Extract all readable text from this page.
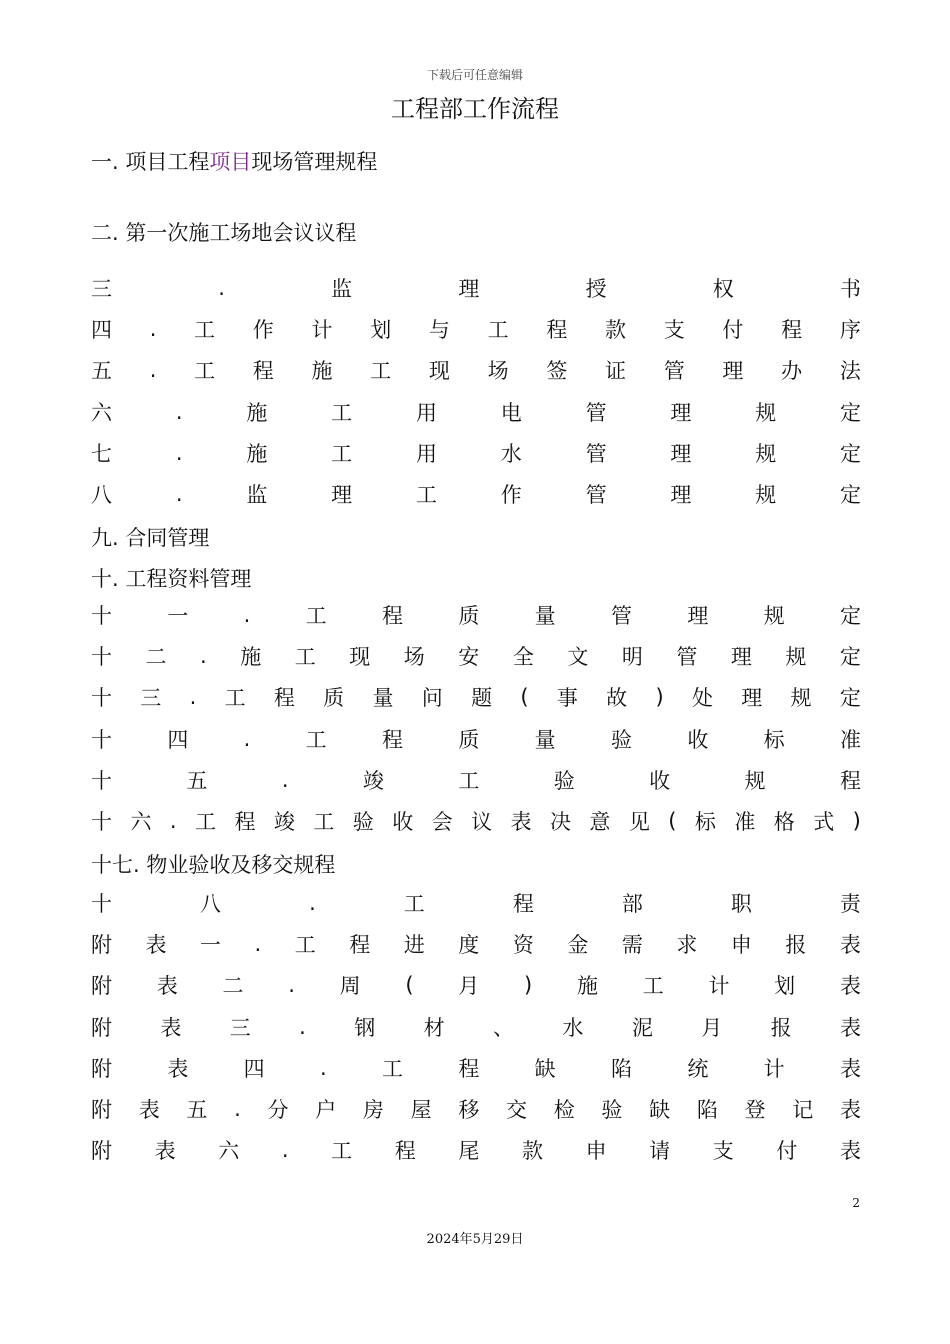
下载后可任意编辑
工程部工作流程
一. 项目工程项目现场管理规程
二. 第一次施工场地会议议程
三	.	监	理	授	权	书
四 . 工 作 计 划 与 工 程 款 支 付 程 序
五 . 工 程 施 工 现 场 签 证 管 理 办 法
六	.	施	工	用	电	管	理	规	定
七	.	施	工	用	水	管	理	规	定
八	.	监	理	工	作	管	理	规	定
九. 合同管理
十. 工程资料管理
十	一	.	工	程	质	量	管	理	规	定
十 二 . 施 工 现 场 安 全 文 明 管 理 规 定
十 三 . 工 程 质 量 问 题 ( 事 故 ) 处 理 规 定
十	四	.	工	程	质	量	验	收	标	准
十	五	.	竣	工	验	收	规	程
十 六 . 工 程 竣 工 验 收 会 议 表 决 意 见 ( 标 准 格 式 )
十七. 物业验收及移交规程
十	八	.	工	程	部	职	责
附 表 一 . 工 程 进 度 资 金 需 求 申 报 表
附 表 二 . 周 ( 月 ) 施 工 计 划 表
附 表 三 . 钢 材 、 水 泥 月 报 表
附	表	四	.	工	程	缺	陷	统	计	表
附 表 五 . 分 户 房 屋 移 交 检 验 缺 陷 登 记 表
附 表 六 . 工 程 尾 款 申 请 支 付 表
2
2024年5月29日
